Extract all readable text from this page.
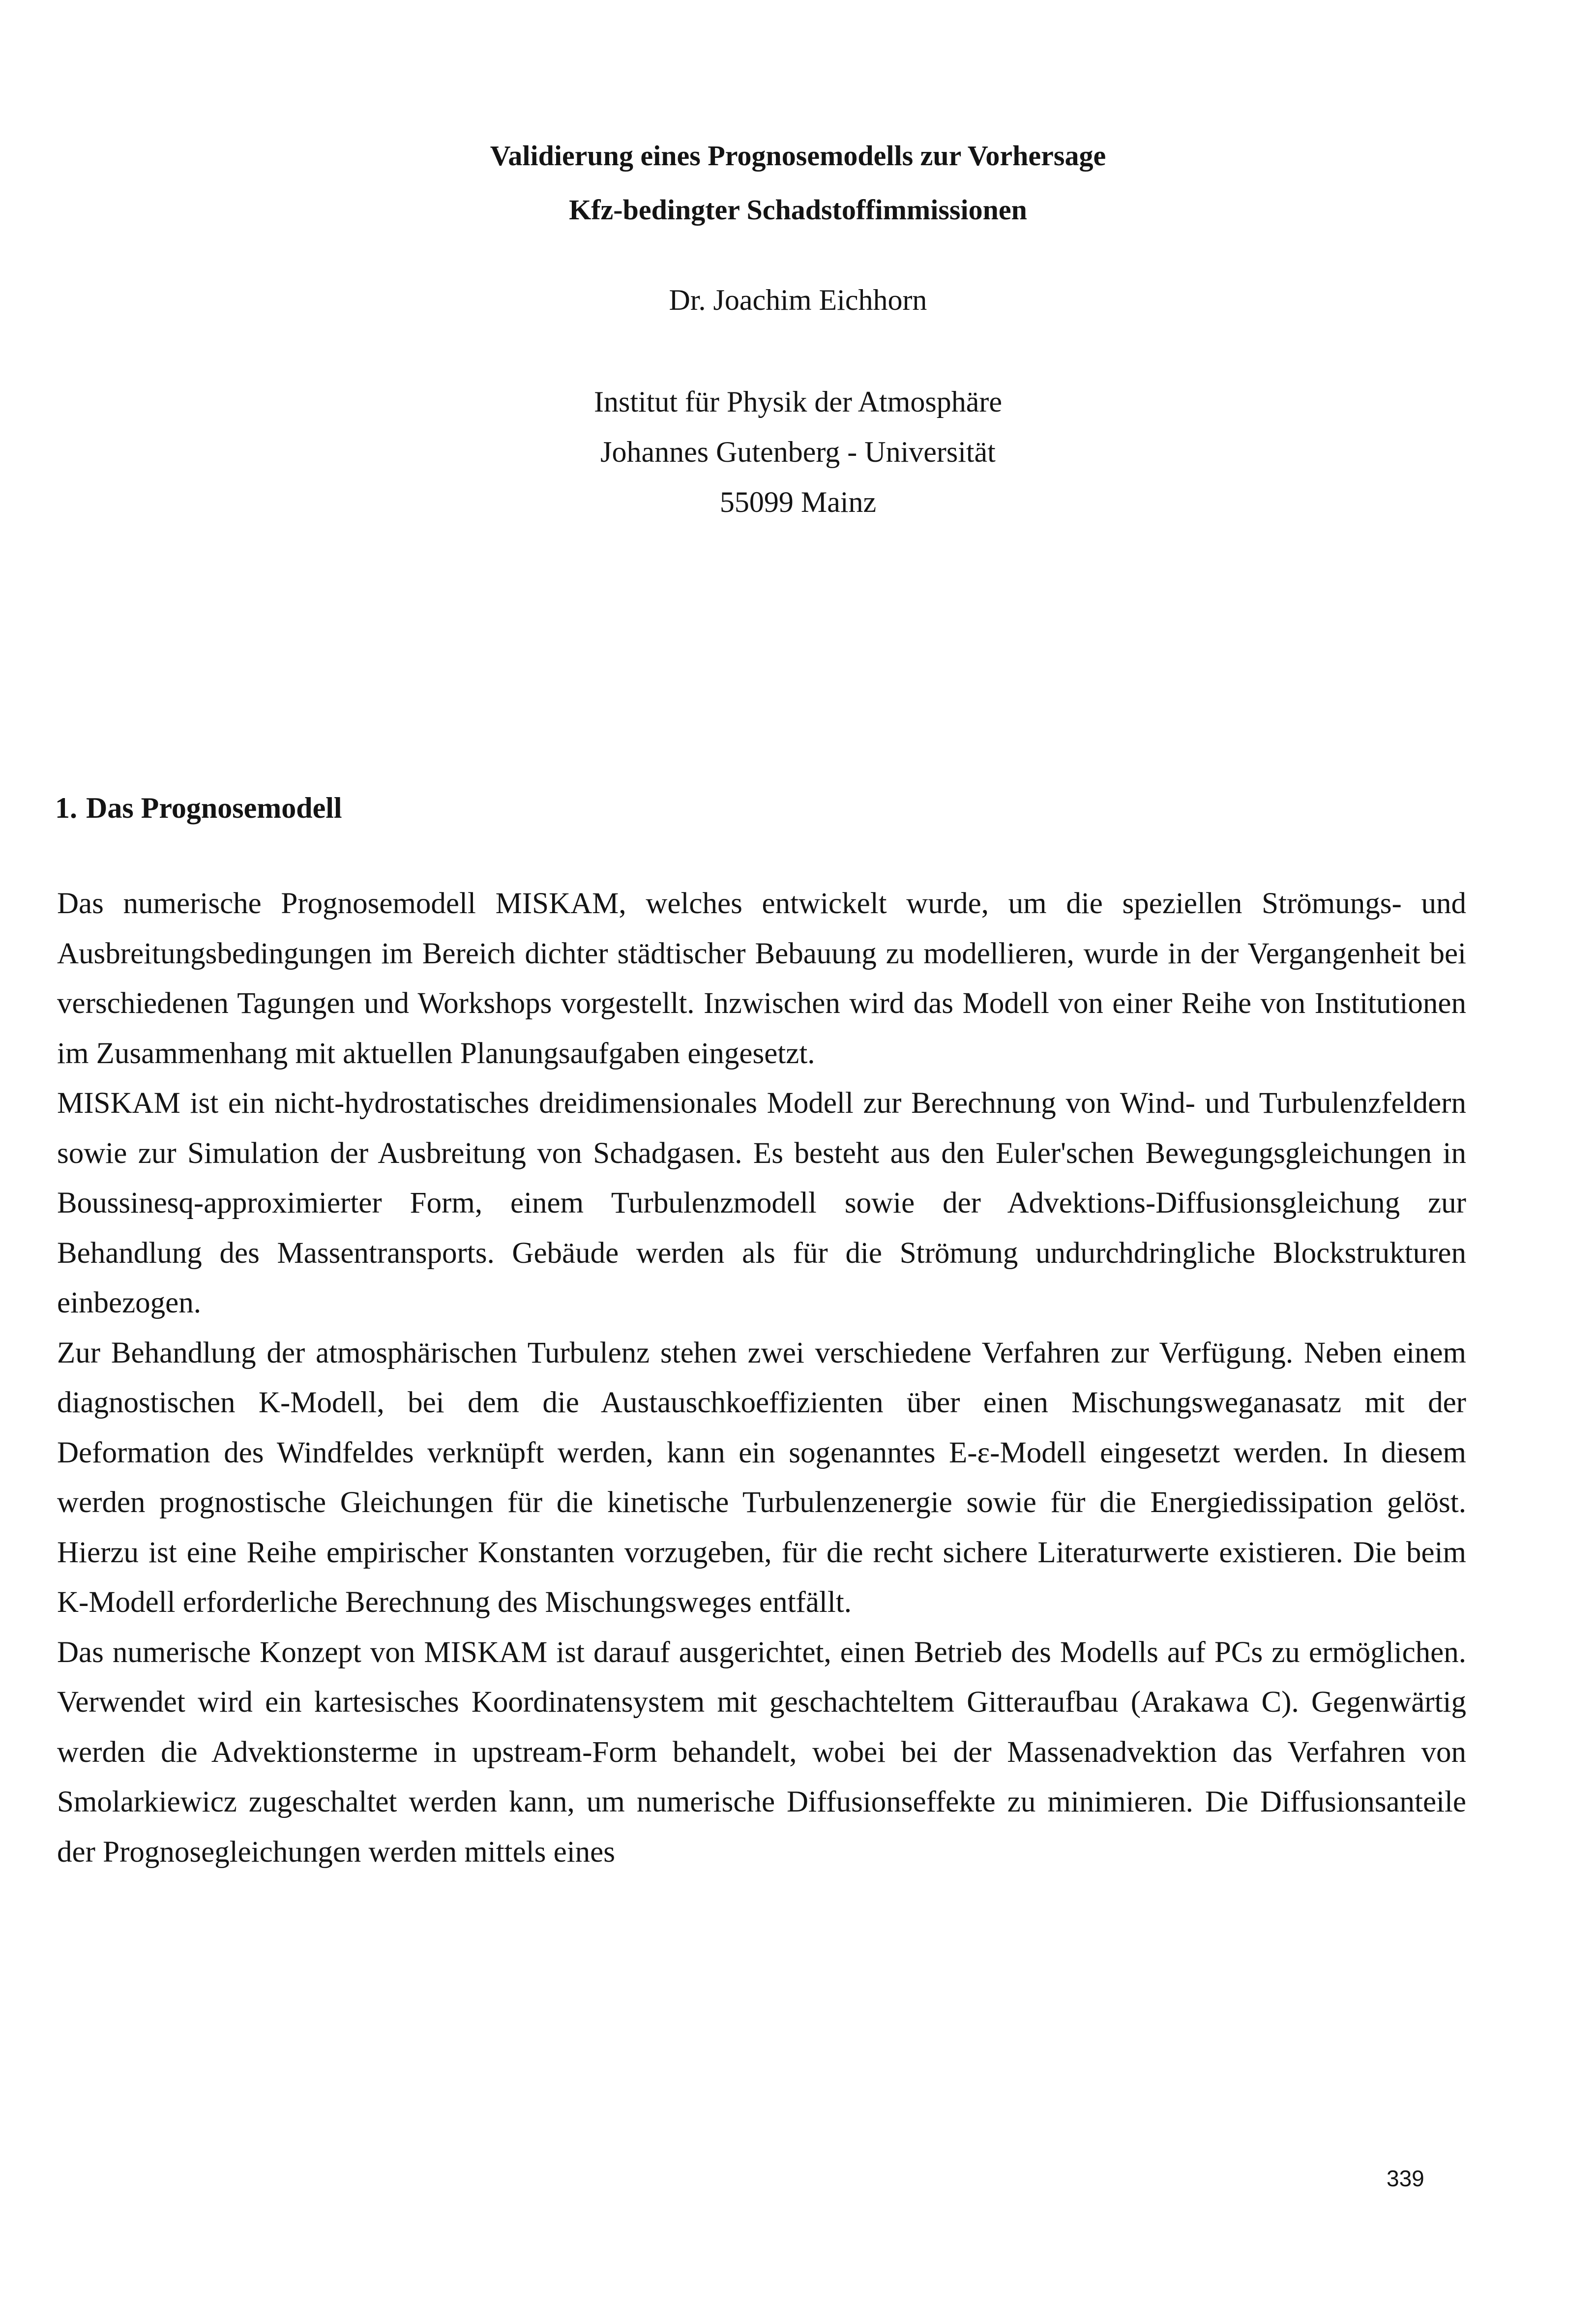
Validierung eines Prognosemodells zur Vorhersage
Kfz-bedingter Schadstoffimmissionen
Dr. Joachim Eichhorn
Institut für Physik der Atmosphäre
Johannes Gutenberg - Universität
55099 Mainz
1. Das Prognosemodell

Das numerische Prognosemodell MISKAM, welches entwickelt wurde, um die speziellen Strömungs- und Ausbreitungsbedingungen im Bereich dichter städtischer Bebauung zu modellieren, wurde in der Vergangenheit bei verschiedenen Tagungen und Workshops vorgestellt. Inzwischen wird das Modell von einer Reihe von Institutionen im Zusammenhang mit aktuellen Planungsaufgaben eingesetzt.

MISKAM ist ein nicht-hydrostatisches dreidimensionales Modell zur Berechnung von Wind- und Turbulenzfeldern sowie zur Simulation der Ausbreitung von Schadgasen. Es besteht aus den Euler'schen Bewegungsgleichungen in Boussinesq-approximierter Form, einem Turbulenzmodell sowie der Advektions-Diffusionsgleichung zur Behandlung des Massentransports. Gebäude werden als für die Strömung undurchdringliche Blockstrukturen einbezogen.

Zur Behandlung der atmosphärischen Turbulenz stehen zwei verschiedene Verfahren zur Verfügung. Neben einem diagnostischen K-Modell, bei dem die Austauschkoeffizienten über einen Mischungsweganasatz mit der Deformation des Windfeldes verknüpft werden, kann ein sogenanntes E-ε-Modell eingesetzt werden. In diesem werden prognostische Gleichungen für die kinetische Turbulenzenergie sowie für die Energiedissipation gelöst. Hierzu ist eine Reihe empirischer Konstanten vorzugeben, für die recht sichere Literaturwerte existieren. Die beim K-Modell erforderliche Berechnung des Mischungsweges entfällt.

Das numerische Konzept von MISKAM ist darauf ausgerichtet, einen Betrieb des Modells auf PCs zu ermöglichen. Verwendet wird ein kartesisches Koordinatensystem mit geschachteltem Gitteraufbau (Arakawa C). Gegenwärtig werden die Advektionsterme in upstream-Form behandelt, wobei bei der Massenadvektion das Verfahren von Smolarkiewicz zugeschaltet werden kann, um numerische Diffusionseffekte zu minimieren. Die Diffusionsanteile der Prognosegleichungen werden mittels eines

339
